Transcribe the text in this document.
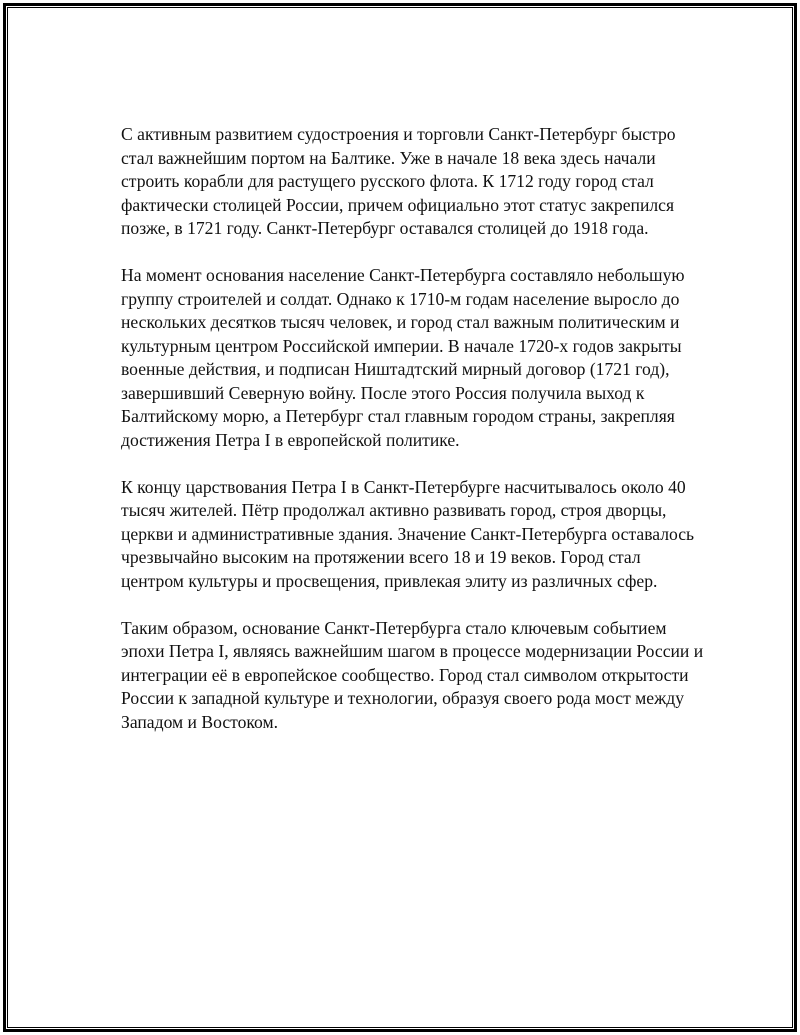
С активным развитием судостроения и торговли Санкт-Петербург быстро стал важнейшим портом на Балтике. Уже в начале 18 века здесь начали строить корабли для растущего русского флота. К 1712 году город стал фактически столицей России, причем официально этот статус закрепился позже, в 1721 году. Санкт-Петербург оставался столицей до 1918 года.

На момент основания население Санкт-Петербурга составляло небольшую группу строителей и солдат. Однако к 1710-м годам население выросло до нескольких десятков тысяч человек, и город стал важным политическим и культурным центром Российской империи. В начале 1720-х годов закрыты военные действия, и подписан Ништадтский мирный договор (1721 год), завершивший Северную войну. После этого Россия получила выход к Балтийскому морю, а Петербург стал главным городом страны, закрепляя достижения Петра I в европейской политике.

К концу царствования Петра I в Санкт-Петербурге насчитывалось около 40 тысяч жителей. Пётр продолжал активно развивать город, строя дворцы, церкви и административные здания. Значение Санкт-Петербурга оставалось чрезвычайно высоким на протяжении всего 18 и 19 веков. Город стал центром культуры и просвещения, привлекая элиту из различных сфер.

Таким образом, основание Санкт-Петербурга стало ключевым событием эпохи Петра I, являясь важнейшим шагом в процессе модернизации России и интеграции её в европейское сообщество. Город стал символом открытости России к западной культуре и технологии, образуя своего рода мост между Западом и Востоком.
